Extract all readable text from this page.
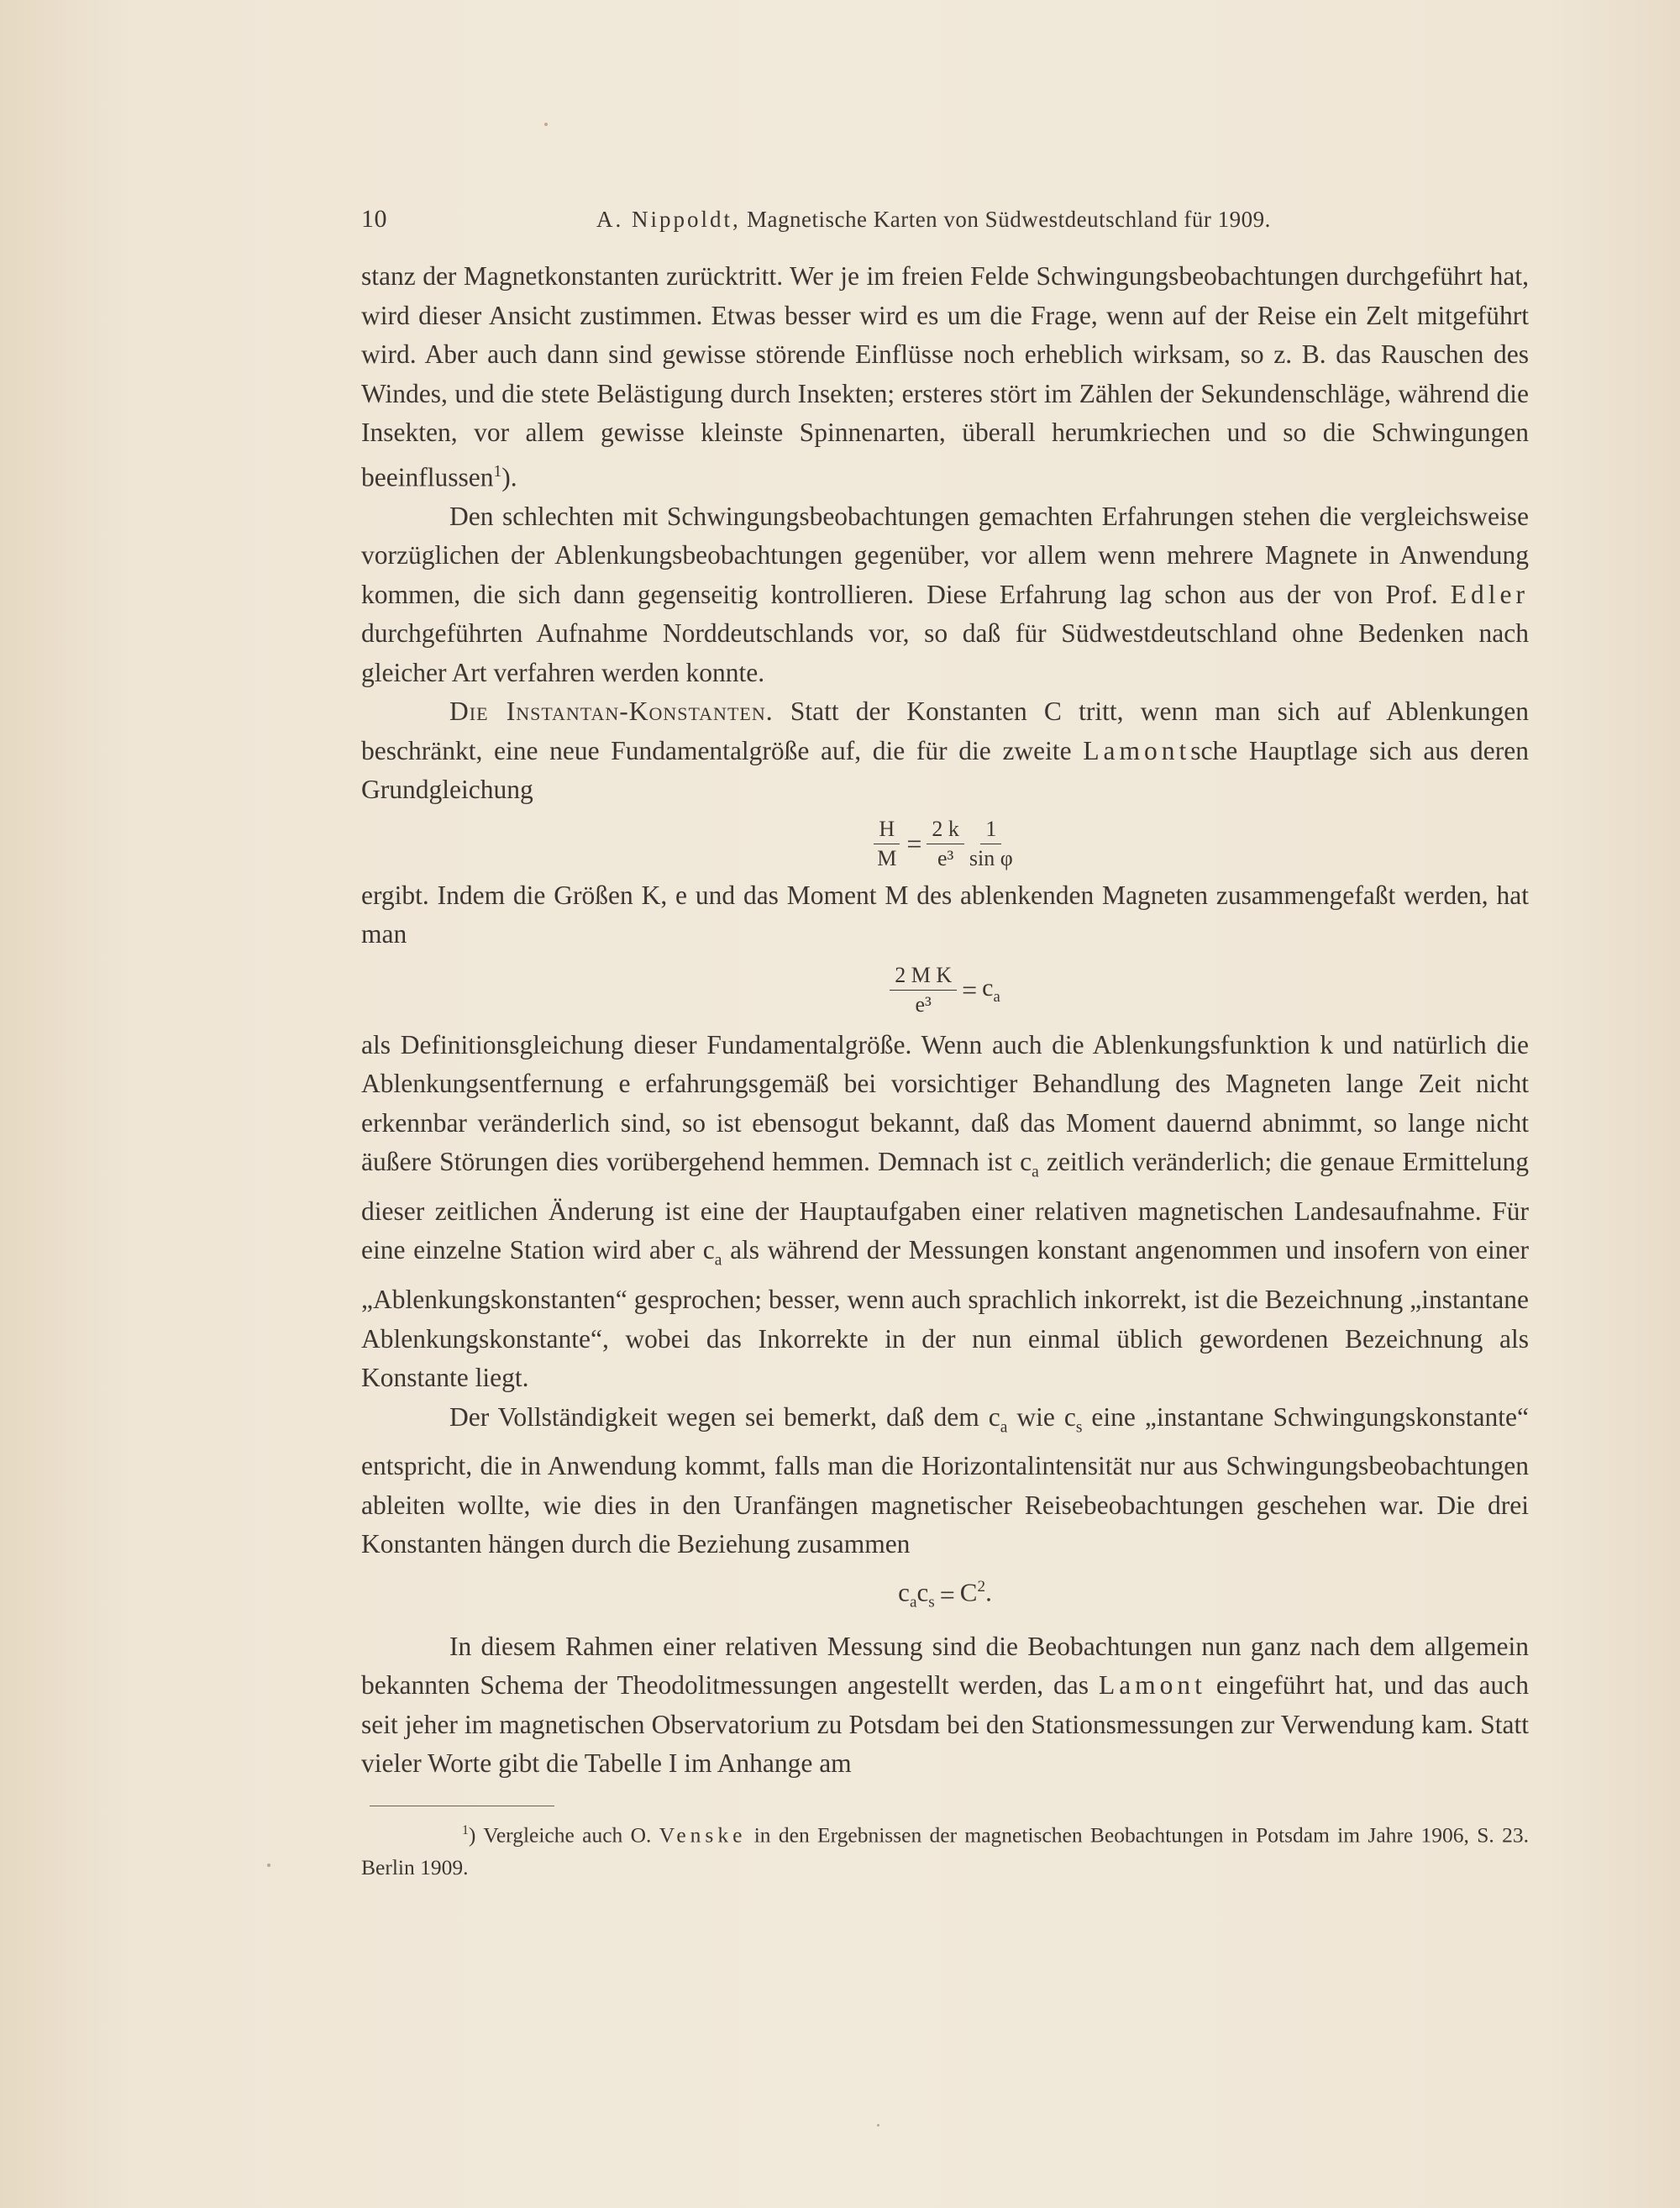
10	A. Nippoldt, Magnetische Karten von Südwestdeutschland für 1909.

stanz der Magnetkonstanten zurücktritt. Wer je im freien Felde Schwingungsbeobachtungen durchgeführt hat, wird dieser Ansicht zustimmen. Etwas besser wird es um die Frage, wenn auf der Reise ein Zelt mitgeführt wird. Aber auch dann sind gewisse störende Einflüsse noch erheblich wirksam, so z. B. das Rauschen des Windes, und die stete Belästigung durch Insekten; ersteres stört im Zählen der Sekundenschläge, während die Insekten, vor allem gewisse kleinste Spinnenarten, überall herumkriechen und so die Schwingungen beeinflussen$^1$).

Den schlechten mit Schwingungsbeobachtungen gemachten Erfahrungen stehen die vergleichsweise vorzüglichen der Ablenkungsbeobachtungen gegenüber, vor allem wenn mehrere Magnete in Anwendung kommen, die sich dann gegenseitig kontrollieren. Diese Erfahrung lag schon aus der von Prof. Edler durchgeführten Aufnahme Norddeutschlands vor, so daß für Südwestdeutschland ohne Bedenken nach gleicher Art verfahren werden konnte.

Die Instantan-Konstanten. Statt der Konstanten C tritt, wenn man sich auf Ablenkungen beschränkt, eine neue Fundamentalgröße auf, die für die zweite Lamontsche Hauptlage sich aus deren Grundgleichung

$\frac{H}{M} = \frac{2 k}{\text{e³}} \frac{1}{\text{sin φ}}$

ergibt. Indem die Größen K, e und das Moment M des ablenkenden Magneten zusammengefaßt werden, hat man

$\frac{\text{2 M K}}{\text{e³}} = c_a$

als Definitionsgleichung dieser Fundamentalgröße. Wenn auch die Ablenkungsfunktion k und natürlich die Ablenkungsentfernung e erfahrungsgemäß bei vorsichtiger Behandlung des Magneten lange Zeit nicht erkennbar veränderlich sind, so ist ebensogut bekannt, daß das Moment dauernd abnimmt, so lange nicht äußere Störungen dies vorübergehend hemmen. Demnach ist $c_a$ zeitlich veränderlich; die genaue Ermittelung dieser zeitlichen Änderung ist eine der Hauptaufgaben einer relativen magnetischen Landesaufnahme. Für eine einzelne Station wird aber $c_a$ als während der Messungen konstant angenommen und insofern von einer „Ablenkungskonstanten“ gesprochen; besser, wenn auch sprachlich inkorrekt, ist die Bezeichnung „instantane Ablenkungskonstante“, wobei das Inkorrekte in der nun einmal üblich gewordenen Bezeichnung als Konstante liegt.

Der Vollständigkeit wegen sei bemerkt, daß dem $c_a$ wie $c_s$ eine „instantane Schwingungskonstante“ entspricht, die in Anwendung kommt, falls man die Horizontalintensität nur aus Schwingungsbeobachtungen ableiten wollte, wie dies in den Uranfängen magnetischer Reisebeobachtungen geschehen war. Die drei Konstanten hängen durch die Beziehung zusammen

$c_ac_s = C^2$.

In diesem Rahmen einer relativen Messung sind die Beobachtungen nun ganz nach dem allgemein bekannten Schema der Theodolitmessungen angestellt werden, das Lamont eingeführt hat, und das auch seit jeher im magnetischen Observatorium zu Potsdam bei den Stationsmessungen zur Verwendung kam. Statt vieler Worte gibt die Tabelle I im Anhange am

$^1$) Vergleiche auch O. Venske in den Ergebnissen der magnetischen Beobachtungen in Potsdam im Jahre 1906, S. 23. Berlin 1909.
